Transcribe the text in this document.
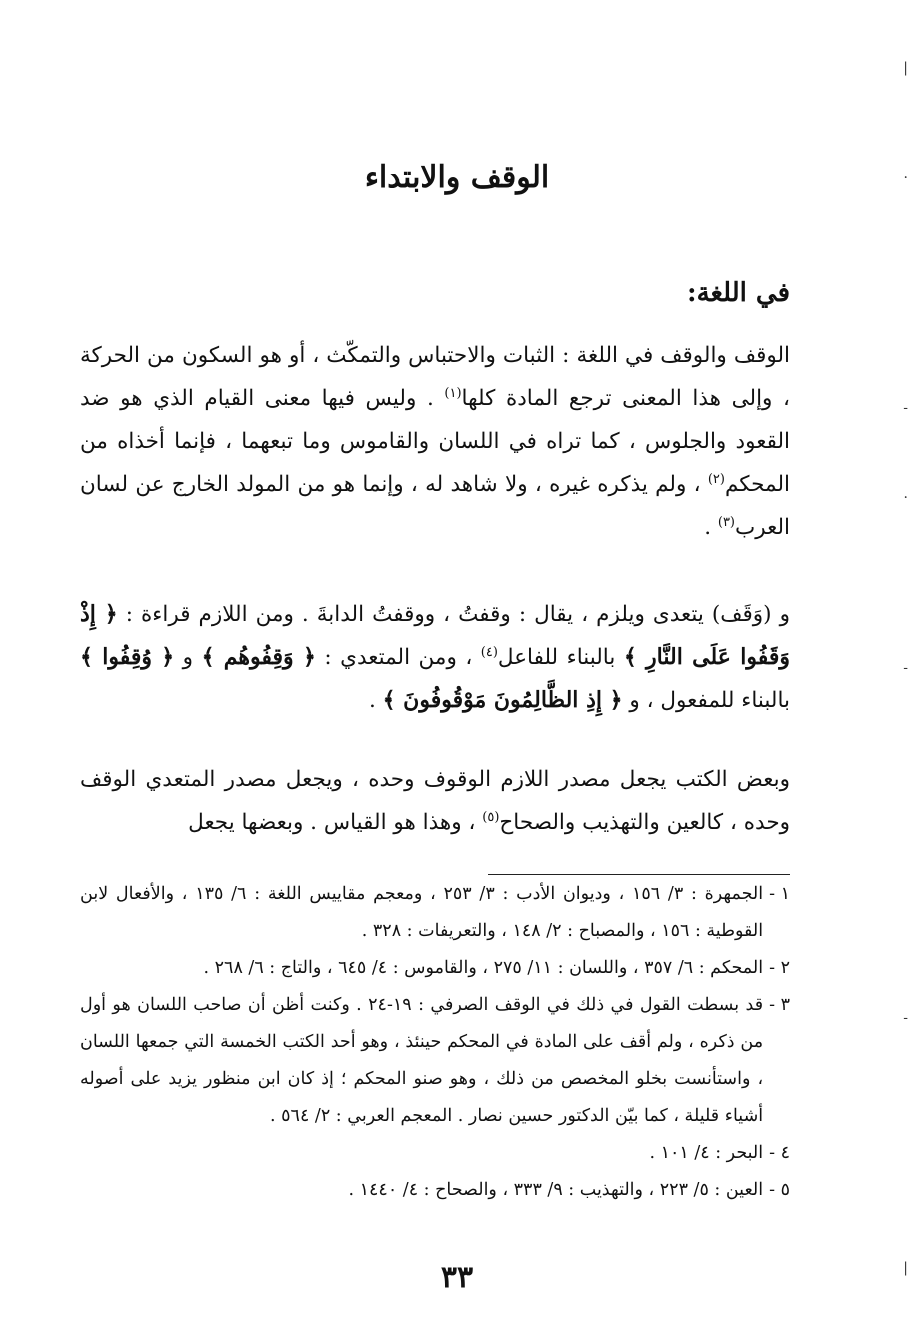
الوقف والابتداء
في اللغة:

الوقف والوقف في اللغة : الثبات والاحتباس والتمكّث ، أو هو السكون من الحركة ، وإلى هذا المعنى ترجع المادة كلها$^{(١)}$ . وليس فيها معنى القيام الذي هو ضد القعود والجلوس ، كما تراه في اللسان والقاموس وما تبعهما ، فإنما أخذاه من المحكم$^{(٢)}$ ، ولم يذكره غيره ، ولا شاهد له ، وإنما هو من المولد الخارج عن لسان العرب$^{(٣)}$ .

و (وَقَف) يتعدى ويلزم ، يقال : وقفتُ ، ووقفتُ الدابةَ . ومن اللازم قراءة : ﴿ إِذْ وَقَفُوا عَلَى النَّارِ ﴾ بالبناء للفاعل$^{(٤)}$ ، ومن المتعدي : ﴿ وَقِفُوهُم ﴾ و ﴿ وُقِفُوا ﴾ بالبناء للمفعول ، و ﴿ إِذِ الظَّالِمُونَ مَوْقُوفُونَ ﴾ .

وبعض الكتب يجعل مصدر اللازم الوقوف وحده ، ويجعل مصدر المتعدي الوقف وحده ، كالعين والتهذيب والصحاح$^{(٥)}$ ، وهذا هو القياس . وبعضها يجعل

١ -
الجمهرة : ٣/ ١٥٦ ، وديوان الأدب : ٣/ ٢٥٣ ، ومعجم مقاييس اللغة : ٦/ ١٣٥ ، والأفعال لابن القوطية : ١٥٦ ، والمصباح : ٢/ ١٤٨ ، والتعريفات : ٣٢٨ .
٢ -
المحكم : ٦/ ٣٥٧ ، واللسان : ١١/ ٢٧٥ ، والقاموس : ٤/ ٦٤٥ ، والتاج : ٦/ ٢٦٨ .
٣ -
قد بسطت القول في ذلك في الوقف الصرفي : ١٩-٢٤ . وكنت أظن أن صاحب اللسان هو أول من ذكره ، ولم أقف على المادة في المحكم حينئذ ، وهو أحد الكتب الخمسة التي جمعها اللسان ، واستأنست بخلو المخصص من ذلك ، وهو صنو المحكم ؛ إذ كان ابن منظور يزيد على أصوله أشياء قليلة ، كما بيّن الدكتور حسين نصار . المعجم العربي : ٢/ ٥٦٤ .
٤ -
البحر : ٤/ ١٠١ .
٥ -
العين : ٥/ ٢٢٣ ، والتهذيب : ٩/ ٣٣٣ ، والصحاح : ٤/ ١٤٤٠ .
٣٣
|
·
-
·
-
-
|
